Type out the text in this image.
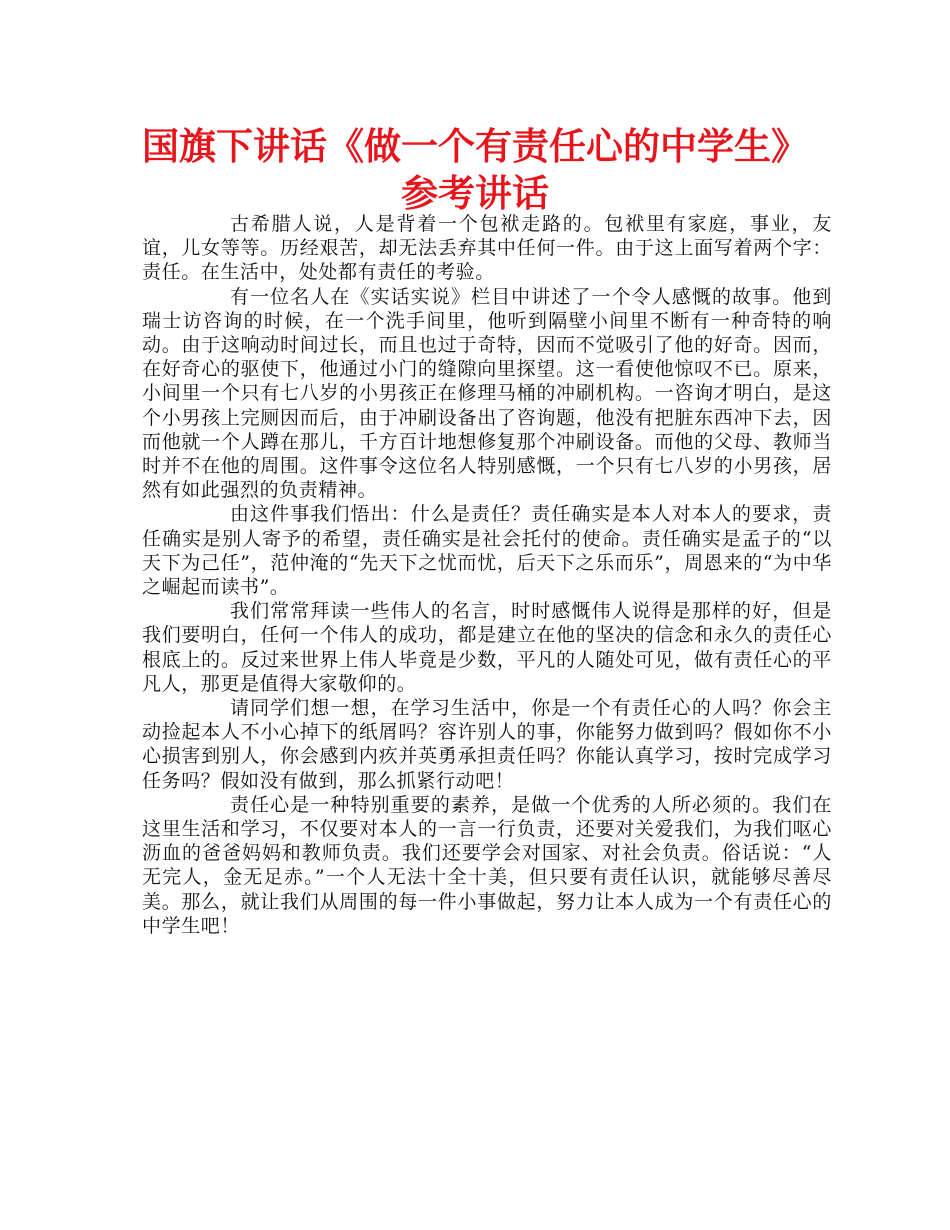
国旗下讲话《做一个有责任心的中学生》
参考讲话

古希腊人说，人是背着一个包袱走路的。包袱里有家庭，事业，友谊，儿女等等。历经艰苦，却无法丢弃其中任何一件。由于这上面写着两个字：责任。在生活中，处处都有责任的考验。

有一位名人在《实话实说》栏目中讲述了一个令人感慨的故事。他到瑞士访咨询的时候，在一个洗手间里，他听到隔壁小间里不断有一种奇特的响动。由于这响动时间过长，而且也过于奇特，因而不觉吸引了他的好奇。因而，在好奇心的驱使下，他通过小门的缝隙向里探望。这一看使他惊叹不已。原来，小间里一个只有七八岁的小男孩正在修理马桶的冲刷机构。一咨询才明白，是这个小男孩上完厕因而后，由于冲刷设备出了咨询题，他没有把脏东西冲下去，因而他就一个人蹲在那儿，千方百计地想修复那个冲刷设备。而他的父母、教师当时并不在他的周围。这件事令这位名人特别感慨，一个只有七八岁的小男孩，居然有如此强烈的负责精神。

由这件事我们悟出：什么是责任？责任确实是本人对本人的要求，责任确实是别人寄予的希望，责任确实是社会托付的使命。责任确实是孟子的“以天下为己任”，范仲淹的“先天下之忧而忧，后天下之乐而乐”，周恩来的“为中华之崛起而读书”。

我们常常拜读一些伟人的名言，时时感慨伟人说得是那样的好，但是我们要明白，任何一个伟人的成功，都是建立在他的坚决的信念和永久的责任心根底上的。反过来世界上伟人毕竟是少数，平凡的人随处可见，做有责任心的平凡人，那更是值得大家敬仰的。

请同学们想一想，在学习生活中，你是一个有责任心的人吗？你会主动捡起本人不小心掉下的纸屑吗？容许别人的事，你能努力做到吗？假如你不小心损害到别人，你会感到内疚并英勇承担责任吗？你能认真学习，按时完成学习任务吗？假如没有做到，那么抓紧行动吧！

责任心是一种特别重要的素养，是做一个优秀的人所必须的。我们在这里生活和学习，不仅要对本人的一言一行负责，还要对关爱我们，为我们呕心沥血的爸爸妈妈和教师负责。我们还要学会对国家、对社会负责。俗话说：“人无完人，金无足赤。”一个人无法十全十美，但只要有责任认识，就能够尽善尽美。那么，就让我们从周围的每一件小事做起，努力让本人成为一个有责任心的中学生吧！
